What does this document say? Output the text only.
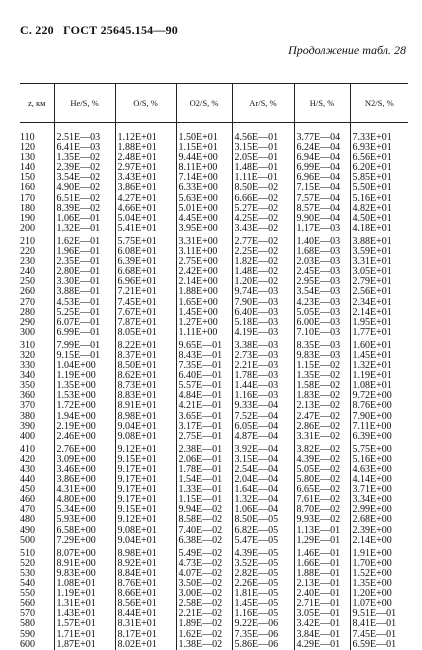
С. 220 ГОСТ 25645.154—90
Продолжение табл. 28
z, км	He/S, %	O/S, %	O2/S, %	Ar/S, %	H/S, %	N2/S, %

110	2.51E—03	1.12E+01	1.50E+01	4.56E—01	3.77E—04	7.33E+01
120	6.41E—03	1.88E+01	1.15E+01	3.15E—01	6.24E—04	6.93E+01
130	1.35E—02	2.48E+01	9.44E+00	2.05E—01	6.94E—04	6.56E+01
140	2.39E—02	2.97E+01	8.11E+00	1.48E—01	6.99E—04	6.20E+01
150	3.54E—02	3.43E+01	7.14E+00	1.11E—01	6.96E—04	5.85E+01
160	4.90E—02	3.86E+01	6.33E+00	8.50E—02	7.15E—04	5.50E+01
170	6.51E—02	4.27E+01	5.63E+00	6.66E—02	7.57E—04	5.16E+01
180	8.39E—02	4.66E+01	5.01E+00	5.27E—02	8.57E—04	4.82E+01
190	1.06E—01	5.04E+01	4.45E+00	4.25E—02	9.90E—04	4.50E+01
200	1.32E—01	5.41E+01	3.95E+00	3.43E—02	1.17E—03	4.18E+01

210	1.62E—01	5.75E+01	3.31E+00	2.77E—02	1.40E—03	3.88E+01
220	1.96E—01	6.08E+01	3.11E+00	2.25E—02	1.68E—03	3.59E+01
230	2.35E—01	6.39E+01	2.75E+00	1.82E—02	2.03E—03	3.31E+01
240	2.80E—01	6.68E+01	2.42E+00	1.48E—02	2.45E—03	3.05E+01
250	3.30E—01	6.96E+01	2.14E+00	1.20E—02	2.95E—03	2.79E+01
260	3.88E—01	7.21E+01	1.88E+00	9.74E—03	3.54E—03	2.56E+01
270	4.53E—01	7.45E+01	1.65E+00	7.90E—03	4.23E—03	2.34E+01
280	5.25E—01	7.67E+01	1.45E+00	6.40E—03	5.05E—03	2.14E+01
290	6.07E—01	7.87E+01	1.27E+00	5.18E—03	6.00E—03	1.95E+01
300	6.99E—01	8.05E+01	1.11E+00	4.19E—03	7.10E—03	1.77E+01

310	7.99E—01	8.22E+01	9.65E—01	3.38E—03	8.35E—03	1.60E+01
320	9.15E—01	8.37E+01	8.43E—01	2.73E—03	9.83E—03	1.45E+01
330	1.04E+00	8.50E+01	7.35E—01	2.21E—03	1.15E—02	1.32E+01
340	1.19E+00	8.62E+01	6.40E—01	1.78E—03	1.35E—02	1.19E+01
350	1.35E+00	8.73E+01	5.57E—01	1.44E—03	1.58E—02	1.08E+01
360	1.53E+00	8.83E+01	4.84E—01	1.16E—03	1.83E—02	9.72E+00
370	1.72E+00	8.91E+01	4.21E—01	9.33E—04	2.13E—02	8.76E+00
380	1.94E+00	8.98E+01	3.65E—01	7.52E—04	2.47E—02	7.90E+00
390	2.19E+00	9.04E+01	3.17E—01	6.05E—04	2.86E—02	7.11E+00
400	2.46E+00	9.08E+01	2.75E—01	4.87E—04	3.31E—02	6.39E+00

410	2.76E+00	9.12E+01	2.38E—01	3.92E—04	3.82E—02	5.75E+00
420	3.09E+00	9.15E+01	2.06E—01	3.15E—04	4.39E—02	5.16E+00
430	3.46E+00	9.17E+01	1.78E—01	2.54E—04	5.05E—02	4.63E+00
440	3.86E+00	9.17E+01	1.54E—01	2.04E—04	5.80E—02	4.14E+00
450	4.31E+00	9.17E+01	1.33E—01	1.64E—04	6.65E—02	3.71E+00
460	4.80E+00	9.17E+01	1.15E—01	1.32E—04	7.61E—02	3.34E+00
470	5.34E+00	9.15E+01	9.94E—02	1.06E—04	8.70E—02	2.99E+00
480	5.93E+00	9.12E+01	8.58E—02	8.50E—05	9.93E—02	2.68E+00
490	6.58E+00	9.08E+01	7.40E—02	6.82E—05	1.13E—01	2.39E+00
500	7.29E+00	9.04E+01	6.38E—02	5.47E—05	1.29E—01	2.14E+00

510	8.07E+00	8.98E+01	5.49E—02	4.39E—05	1.46E—01	1.91E+00
520	8.91E+00	8.92E+01	4.73E—02	3.52E—05	1.66E—01	1.70E+00
530	9.83E+00	8.84E+01	4.07E—02	2.82E—05	1.88E—01	1.52E+00
540	1.08E+01	8.76E+01	3.50E—02	2.26E—05	2.13E—01	1.35E+00
550	1.19E+01	8.66E+01	3.00E—02	1.81E—05	2.40E—01	1.20E+00
560	1.31E+01	8.56E+01	2.58E—02	1.45E—05	2.71E—01	1.07E+00
570	1.43E+01	8.44E+01	2.21E—02	1.16E—05	3.05E—01	9.51E—01
580	1.57E+01	8.31E+01	1.89E—02	9.22E—06	3.42E—01	8.41E—01
590	1.71E+01	8.17E+01	1.62E—02	7.35E—06	3.84E—01	7.45E—01
600	1.87E+01	8.02E+01	1.38E—02	5.86E—06	4.29E—01	6.59E—01
